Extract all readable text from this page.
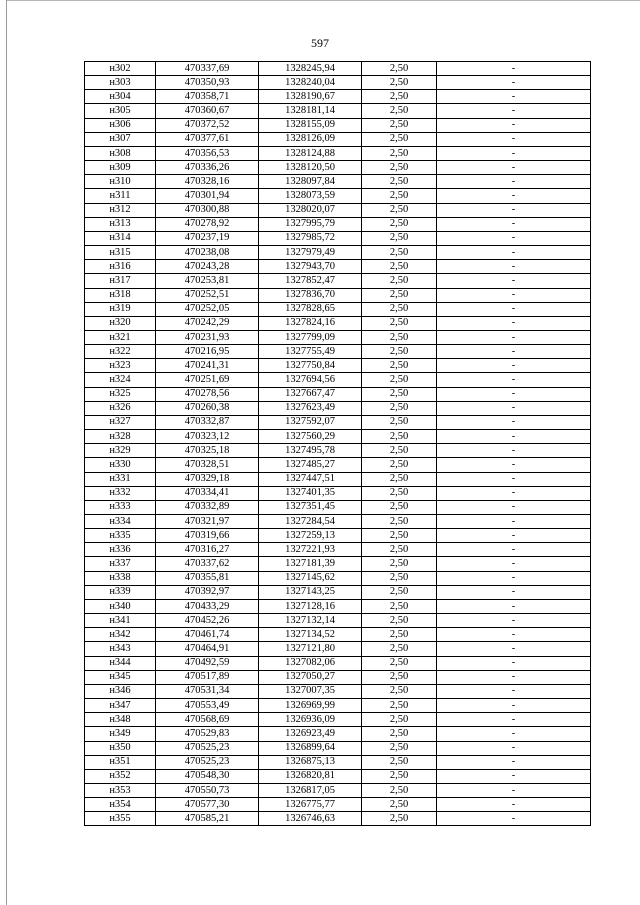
597
н302	470337,69	1328245,94	2,50	-
н303	470350,93	1328240,04	2,50	-
н304	470358,71	1328190,67	2,50	-
н305	470360,67	1328181,14	2,50	-
н306	470372,52	1328155,09	2,50	-
н307	470377,61	1328126,09	2,50	-
н308	470356,53	1328124,88	2,50	-
н309	470336,26	1328120,50	2,50	-
н310	470328,16	1328097,84	2,50	-
н311	470301,94	1328073,59	2,50	-
н312	470300,88	1328020,07	2,50	-
н313	470278,92	1327995,79	2,50	-
н314	470237,19	1327985,72	2,50	-
н315	470238,08	1327979,49	2,50	-
н316	470243,28	1327943,70	2,50	-
н317	470253,81	1327852,47	2,50	-
н318	470252,51	1327836,70	2,50	-
н319	470252,05	1327828,65	2,50	-
н320	470242,29	1327824,16	2,50	-
н321	470231,93	1327799,09	2,50	-
н322	470216,95	1327755,49	2,50	-
н323	470241,31	1327750,84	2,50	-
н324	470251,69	1327694,56	2,50	-
н325	470278,56	1327667,47	2,50	-
н326	470260,38	1327623,49	2,50	-
н327	470332,87	1327592,07	2,50	-
н328	470323,12	1327560,29	2,50	-
н329	470325,18	1327495,78	2,50	-
н330	470328,51	1327485,27	2,50	-
н331	470329,18	1327447,51	2,50	-
н332	470334,41	1327401,35	2,50	-
н333	470332,89	1327351,45	2,50	-
н334	470321,97	1327284,54	2,50	-
н335	470319,66	1327259,13	2,50	-
н336	470316,27	1327221,93	2,50	-
н337	470337,62	1327181,39	2,50	-
н338	470355,81	1327145,62	2,50	-
н339	470392,97	1327143,25	2,50	-
н340	470433,29	1327128,16	2,50	-
н341	470452,26	1327132,14	2,50	-
н342	470461,74	1327134,52	2,50	-
н343	470464,91	1327121,80	2,50	-
н344	470492,59	1327082,06	2,50	-
н345	470517,89	1327050,27	2,50	-
н346	470531,34	1327007,35	2,50	-
н347	470553,49	1326969,99	2,50	-
н348	470568,69	1326936,09	2,50	-
н349	470529,83	1326923,49	2,50	-
н350	470525,23	1326899,64	2,50	-
н351	470525,23	1326875,13	2,50	-
н352	470548,30	1326820,81	2,50	-
н353	470550,73	1326817,05	2,50	-
н354	470577,30	1326775,77	2,50	-
н355	470585,21	1326746,63	2,50	-
